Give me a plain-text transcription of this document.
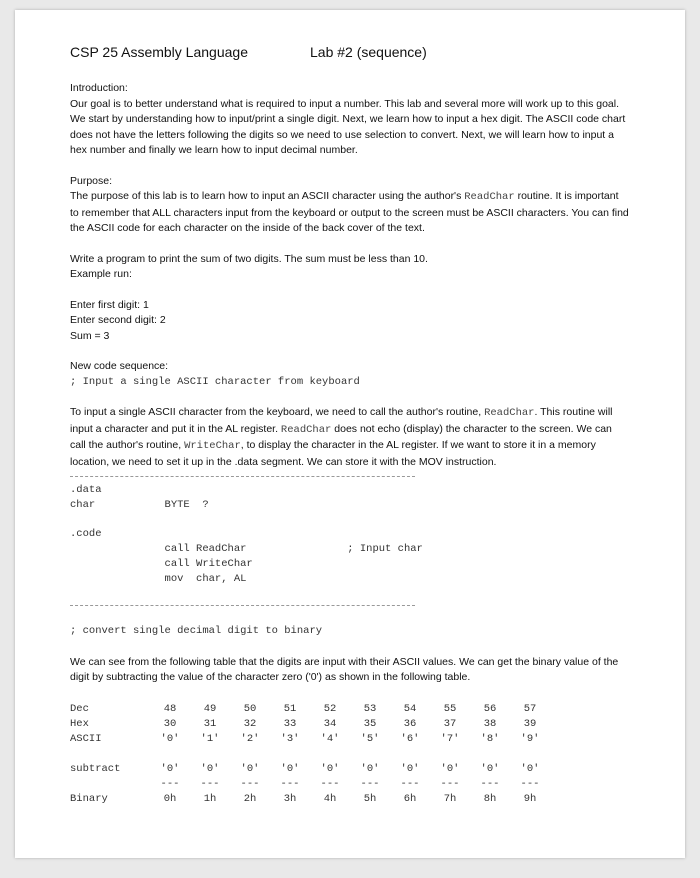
CSP 25 Assembly Language	Lab #2 (sequence)

Introduction:

Our goal is to better understand what is required to input a number. This lab and several more will work up to this goal.

We start by understanding how to input/print a single digit. Next, we learn how to input a hex digit. The ASCII code chart

does not have the letters following the digits so we need to use selection to convert. Next, we will learn how to input a

hex number and finally we learn how to input decimal number.

Purpose:

The purpose of this lab is to learn how to input an ASCII character using the author's ReadChar routine. It is important

to remember that ALL characters input from the keyboard or output to the screen must be ASCII characters. You can find

the ASCII code for each character on the inside of the back cover of the text.

Write a program to print the sum of two digits. The sum must be less than 10.

Example run:

Enter first digit: 1

Enter second digit: 2

Sum = 3

New code sequence:

; Input a single ASCII character from keyboard

To input a single ASCII character from the keyboard, we need to call the author's routine, ReadChar. This routine will

input a character and put it in the AL register. ReadChar does not echo (display) the character to the screen. We can

call the author's routine, WriteChar, to display the character in the AL register. If we want to store it in a memory

location, we need to set it up in the .data segment. We can store it with the MOV instruction.

.data
char           BYTE  ?
.code
call ReadChar                ; Input char
call WriteChar
mov  char, AL

; convert single decimal digit to binary

We can see from the following table that the digits are input with their ASCII values. We can get the binary value of the

digit by subtracting the value of the character zero ('0') as shown in the following table.

Dec	48	49	50	51	52	53	54	55	56	57
Hex	30	31	32	33	34	35	36	37	38	39
ASCII	'0'	'1'	'2'	'3'	'4'	'5'	'6'	'7'	'8'	'9'

subtract	'0'	'0'	'0'	'0'	'0'	'0'	'0'	'0'	'0'	'0'
	---	---	---	---	---	---	---	---	---	---
Binary	0h	1h	2h	3h	4h	5h	6h	7h	8h	9h
